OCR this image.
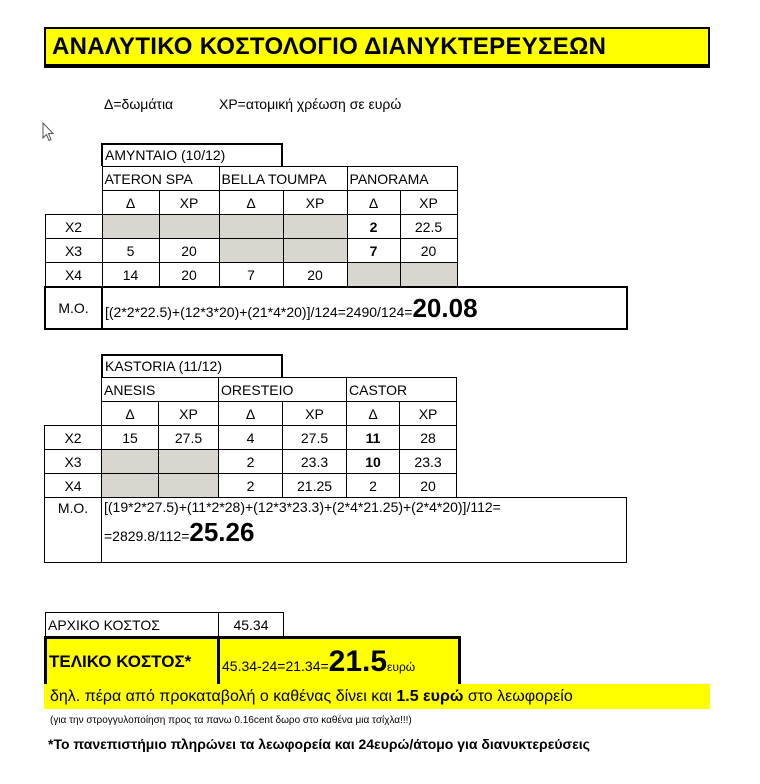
ΑΝΑΛΥΤΙΚΟ ΚΟΣΤΟΛΟΓΙΟ ΔΙΑΝΥΚΤΕΡΕΥΣΕΩΝ
Δ=δωμάτια	ΧΡ=ατομική χρέωση σε ευρώ
ΑΜΥΝΤΑΙΟ (10/12)
	ATERON SPA		BELLA TOUMPA		PANORAMA		
	Δ	ΧΡ	Δ	ΧΡ	Δ	ΧΡ	
Χ2					2	22.5	
Χ3	5	20			7	20	
Χ4	14	20	7	20			
Μ.Ο.	[(2*2*22.5)+(12*3*20)+(21*4*20)]/124=2490/124=20.08						
KASTORIA (11/12)
	ANESIS		ORESTEIO		CASTOR		
	Δ	ΧΡ	Δ	ΧΡ	Δ	ΧΡ	
Χ2	15	27.5	4	27.5	11	28	
Χ3			2	23.3	10	23.3	
Χ4			2	21.25	2	20	
Μ.Ο.	[(19*2*27.5)+(11*2*28)+(12*3*23.3)+(2*4*21.25)+(2*4*20)]/112=
=2829.8/112=25.26						
ΑΡΧΙΚΟ ΚΟΣΤΟΣ	45.34	
ΤΕΛΙΚΟ ΚΟΣΤΟΣ*	45.34-24=21.34=21.5ευρώ	
δηλ. πέρα από προκαταβολή ο καθένας δίνει και 1.5 ευρώ στο λεωφορείο
(για την στρογγυλοποίηση προς τα πανω 0.16cent δωρο στο καθένα μια τσίχλα!!!)
*Το πανεπιστήμιο πληρώνει τα λεωφορεία και 24ευρώ/άτομο για διανυκτερεύσεις
